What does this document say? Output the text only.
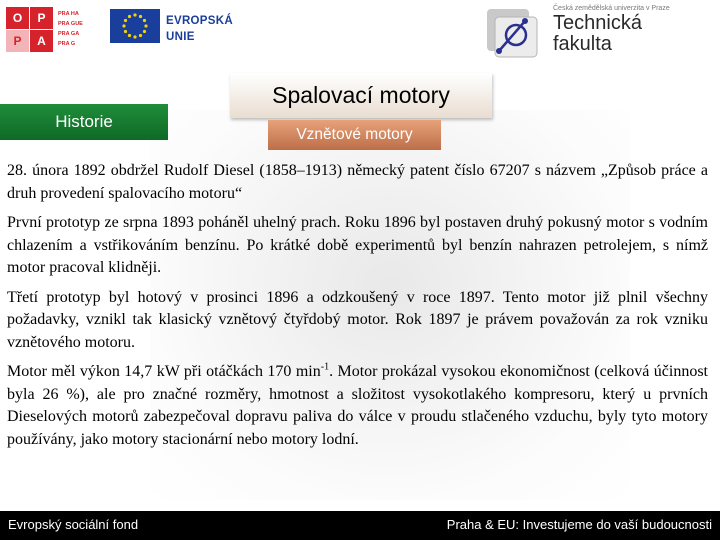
O	P
P	A
PRA HA
PRA GUE
PRA GA
PRA G
EVROPSKÁ
UNIE
Česká zemědělská univerzita v Praze
Technická
fakulta
Historie
Spalovací motory
Vznětové motory

28. února 1892 obdržel Rudolf Diesel (1858–1913) německý patent číslo 67207 s názvem „Způsob práce a druh provedení spalovacího motoru“

První prototyp ze srpna 1893 poháněl uhelný prach. Roku 1896 byl postaven druhý pokusný motor s vodním chlazením a vstřikováním benzínu. Po krátké době experimentů byl benzín nahrazen petrolejem, s nímž motor pracoval klidněji.

Třetí prototyp byl hotový v prosinci 1896 a odzkoušený v roce 1897. Tento motor již plnil všechny požadavky, vznikl tak klasický vznětový čtyřdobý motor. Rok 1897 je právem považován za rok vzniku vznětového motoru.

Motor měl výkon 14,7 kW při otáčkách 170 $\min^{-1}$. Motor prokázal vysokou ekonomičnost (celková účinnost byla 26 %), ale pro značné rozměry, hmotnost a složitost vysokotlakého kompresoru, který u prvních Dieselových motorů zabezpečoval dopravu paliva do válce v proudu stlačeného vzduchu, byly tyto motory používány, jako motory stacionární nebo motory lodní.

Evropský sociální fond	Praha & EU: Investujeme do vaší budoucnosti
